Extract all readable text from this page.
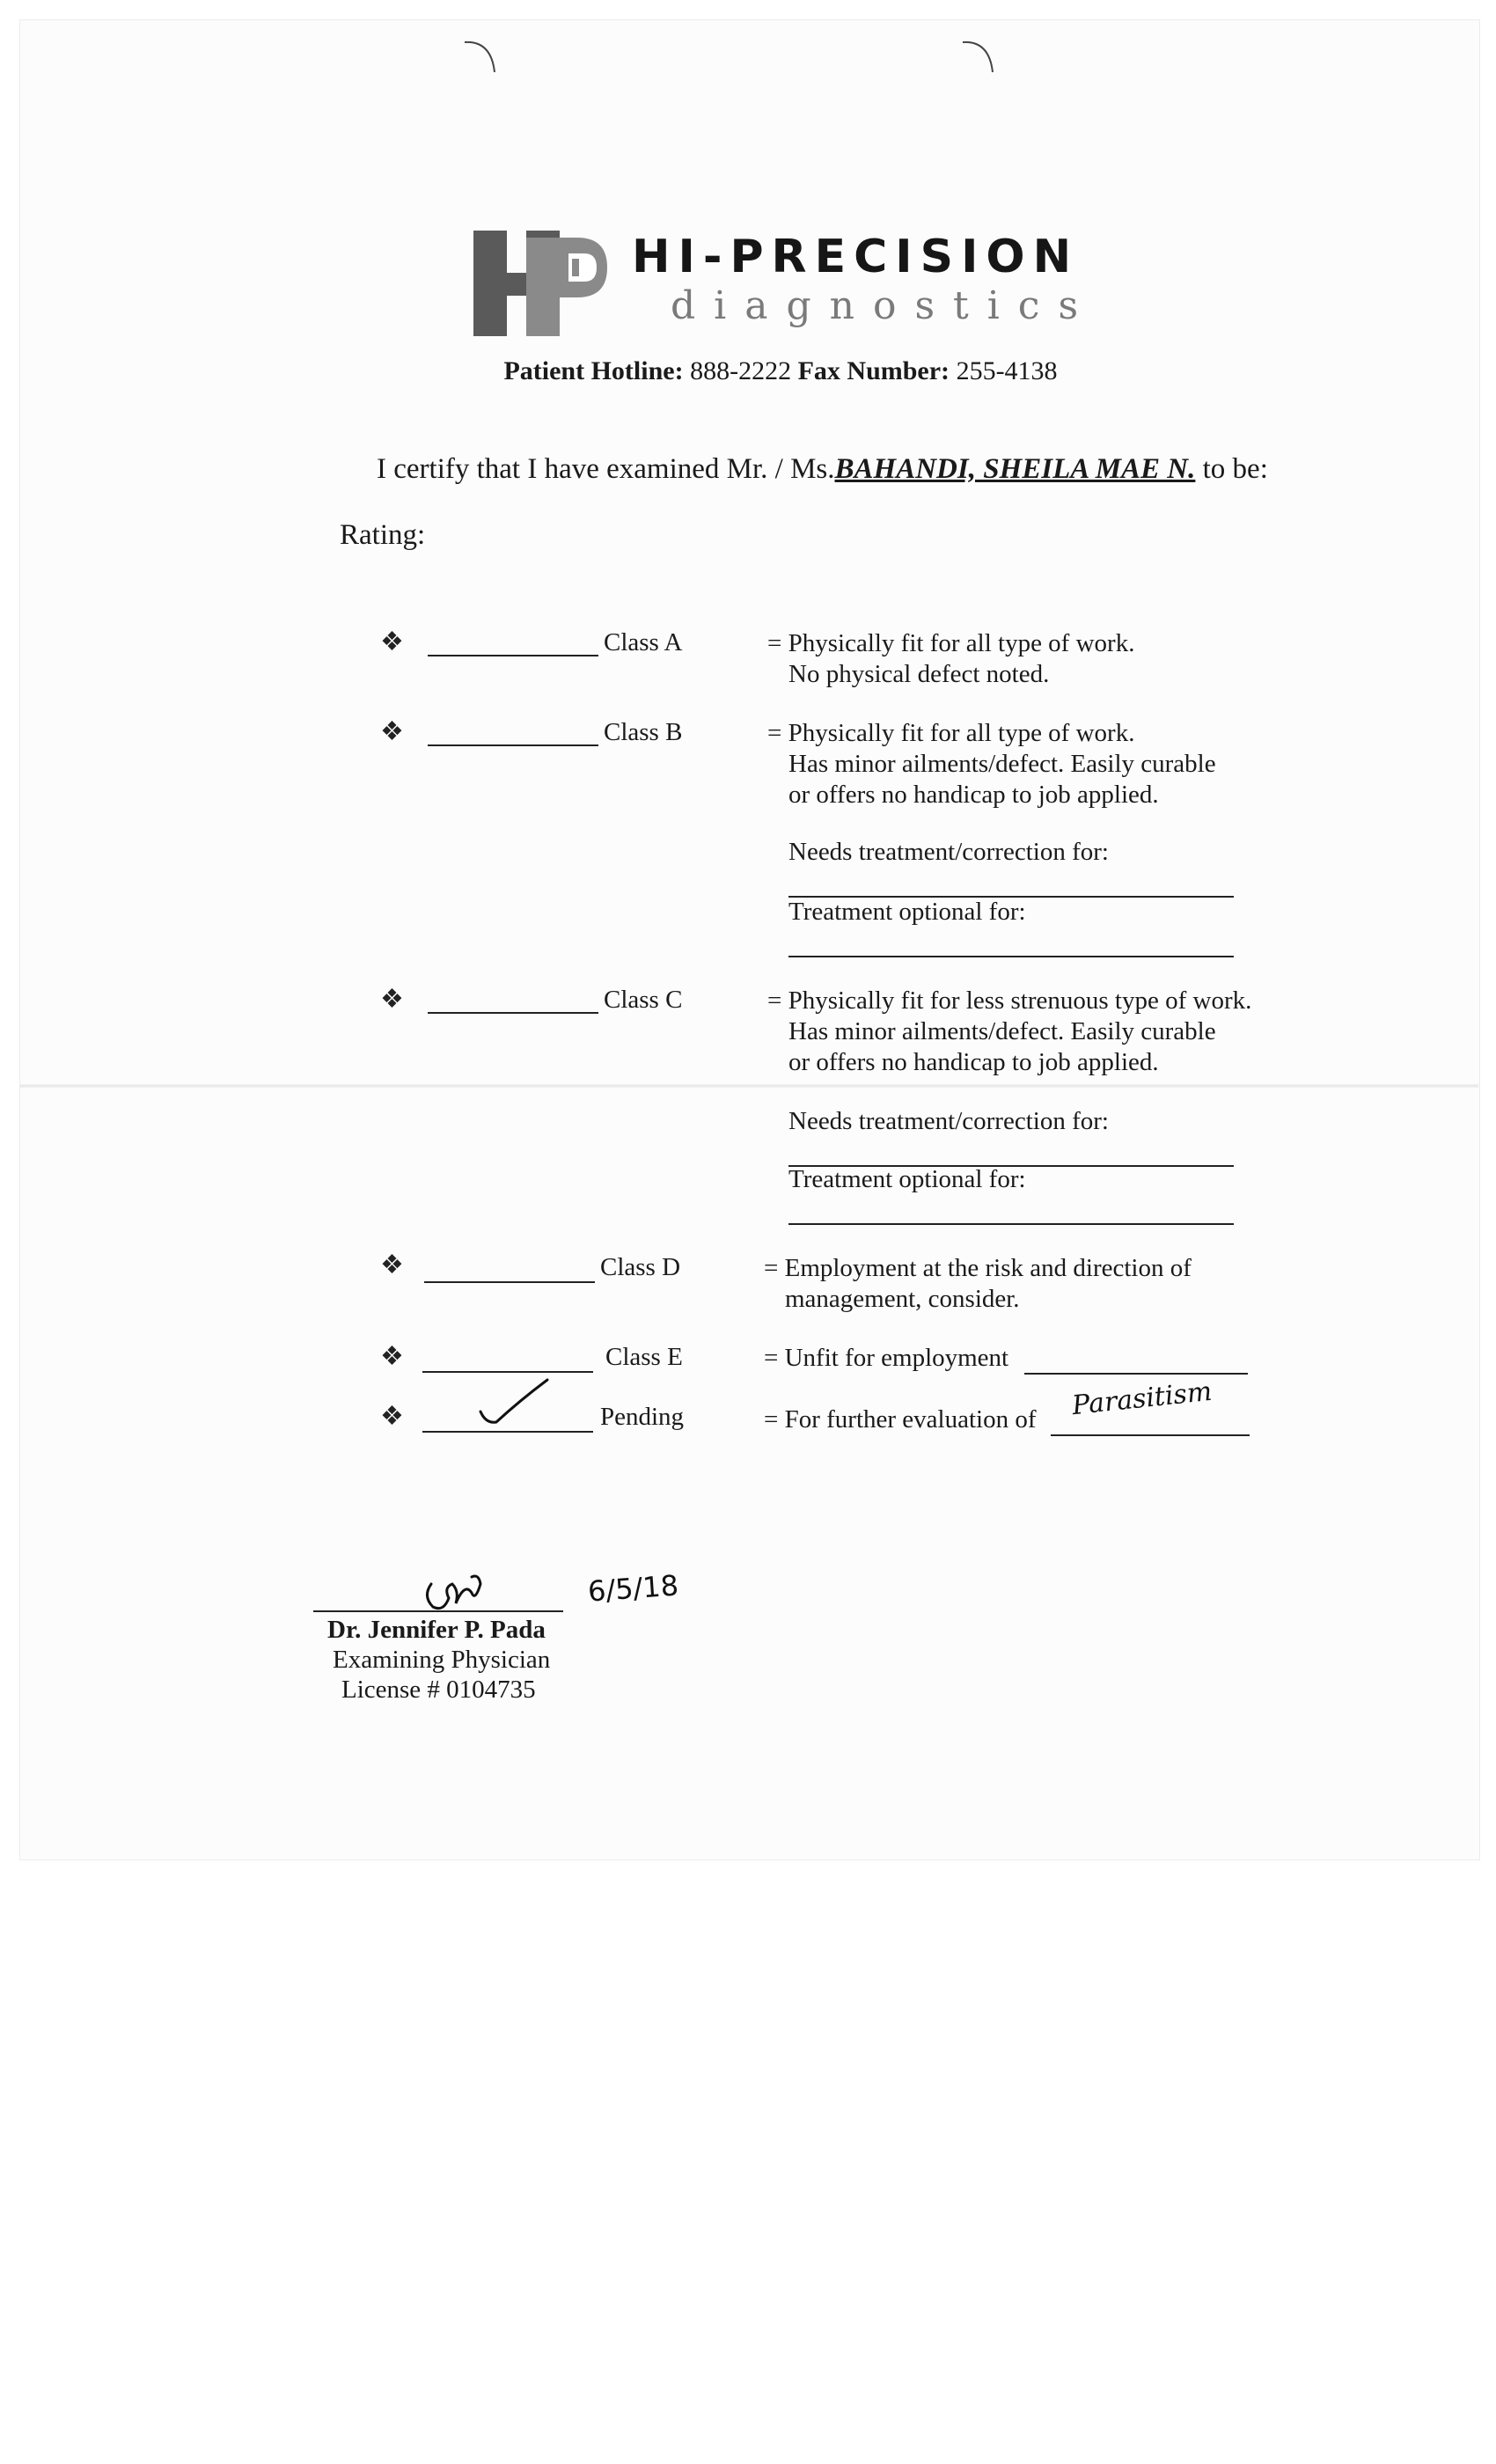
HI-PRECISION
diagnostics
Patient Hotline: 888-2222 Fax Number: 255-4138
I certify that I have examined Mr. / Ms.BAHANDI, SHEILA MAE N. to be:
Rating:
❖	Class A	= Physically fit for all type of work.
No physical defect noted.
❖	Class B	= Physically fit for all type of work.
Has minor ailments/defect. Easily curable
or offers no handicap to job applied.
Needs treatment/correction for:
Treatment optional for:
❖	Class C	= Physically fit for less strenuous type of work.
Has minor ailments/defect. Easily curable
or offers no handicap to job applied.
Needs treatment/correction for:
Treatment optional for:
❖	Class D	= Employment at the risk and direction of
management, consider.
❖	Class E	= Unfit for employment
❖	Pending	= For further evaluation of Parasitism
6/5/18
Dr. Jennifer P. Pada
Examining Physician
License # 0104735
